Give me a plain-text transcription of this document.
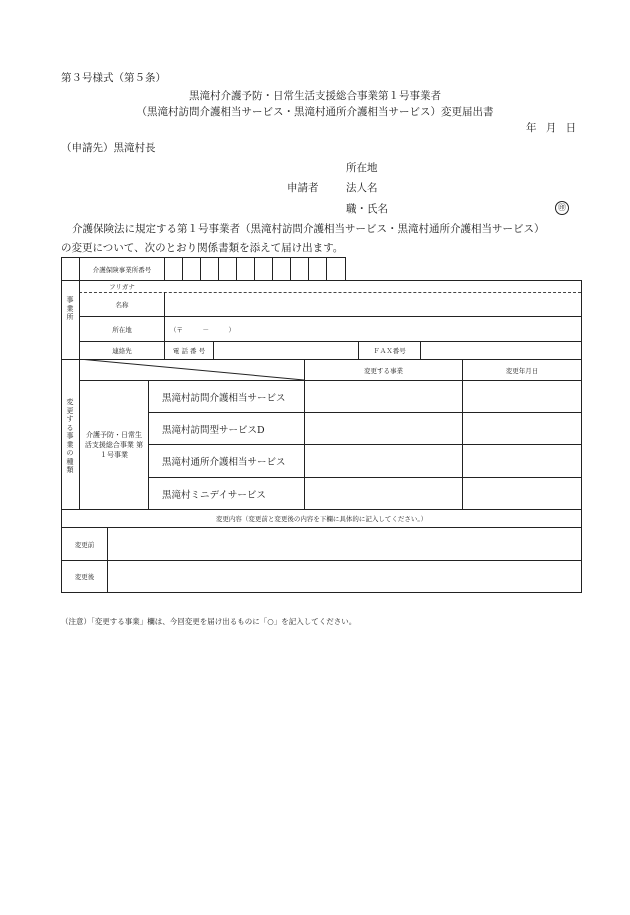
第３号様式（第５条）
黒滝村介護予防・日常生活支援総合事業第１号事業者
（黒滝村訪問介護相当サービス・黒滝村通所介護相当サービス）変更届出書
年 月 日
（申請先）黒滝村長
所在地
申請者	法人名
職・氏名	㊞
介護保険法に規定する第１号事業者（黒滝村訪問介護相当サービス・黒滝村通所介護相当サービス）
の変更について、次のとおり関係書類を添えて届け出ます。
事業所
介護保険事業所番号
フリガナ
名称
所在地	（〒　　　－　　　）
連絡先	電 話 番 号	ＦＡＸ番号
変更する事業の種類
変更する事業	変更年月日
介護予防・日常生活支援総合事業 第１号事業
黒滝村訪問介護相当サービス
黒滝村訪問型サービスD
黒滝村通所介護相当サービス
黒滝村ミニデイサービス
変更内容（変更前と変更後の内容を下欄に具体的に記入してください。）
変更前
変更後
（注意）「変更する事業」欄は、今回変更を届け出るものに「○」を記入してください。
